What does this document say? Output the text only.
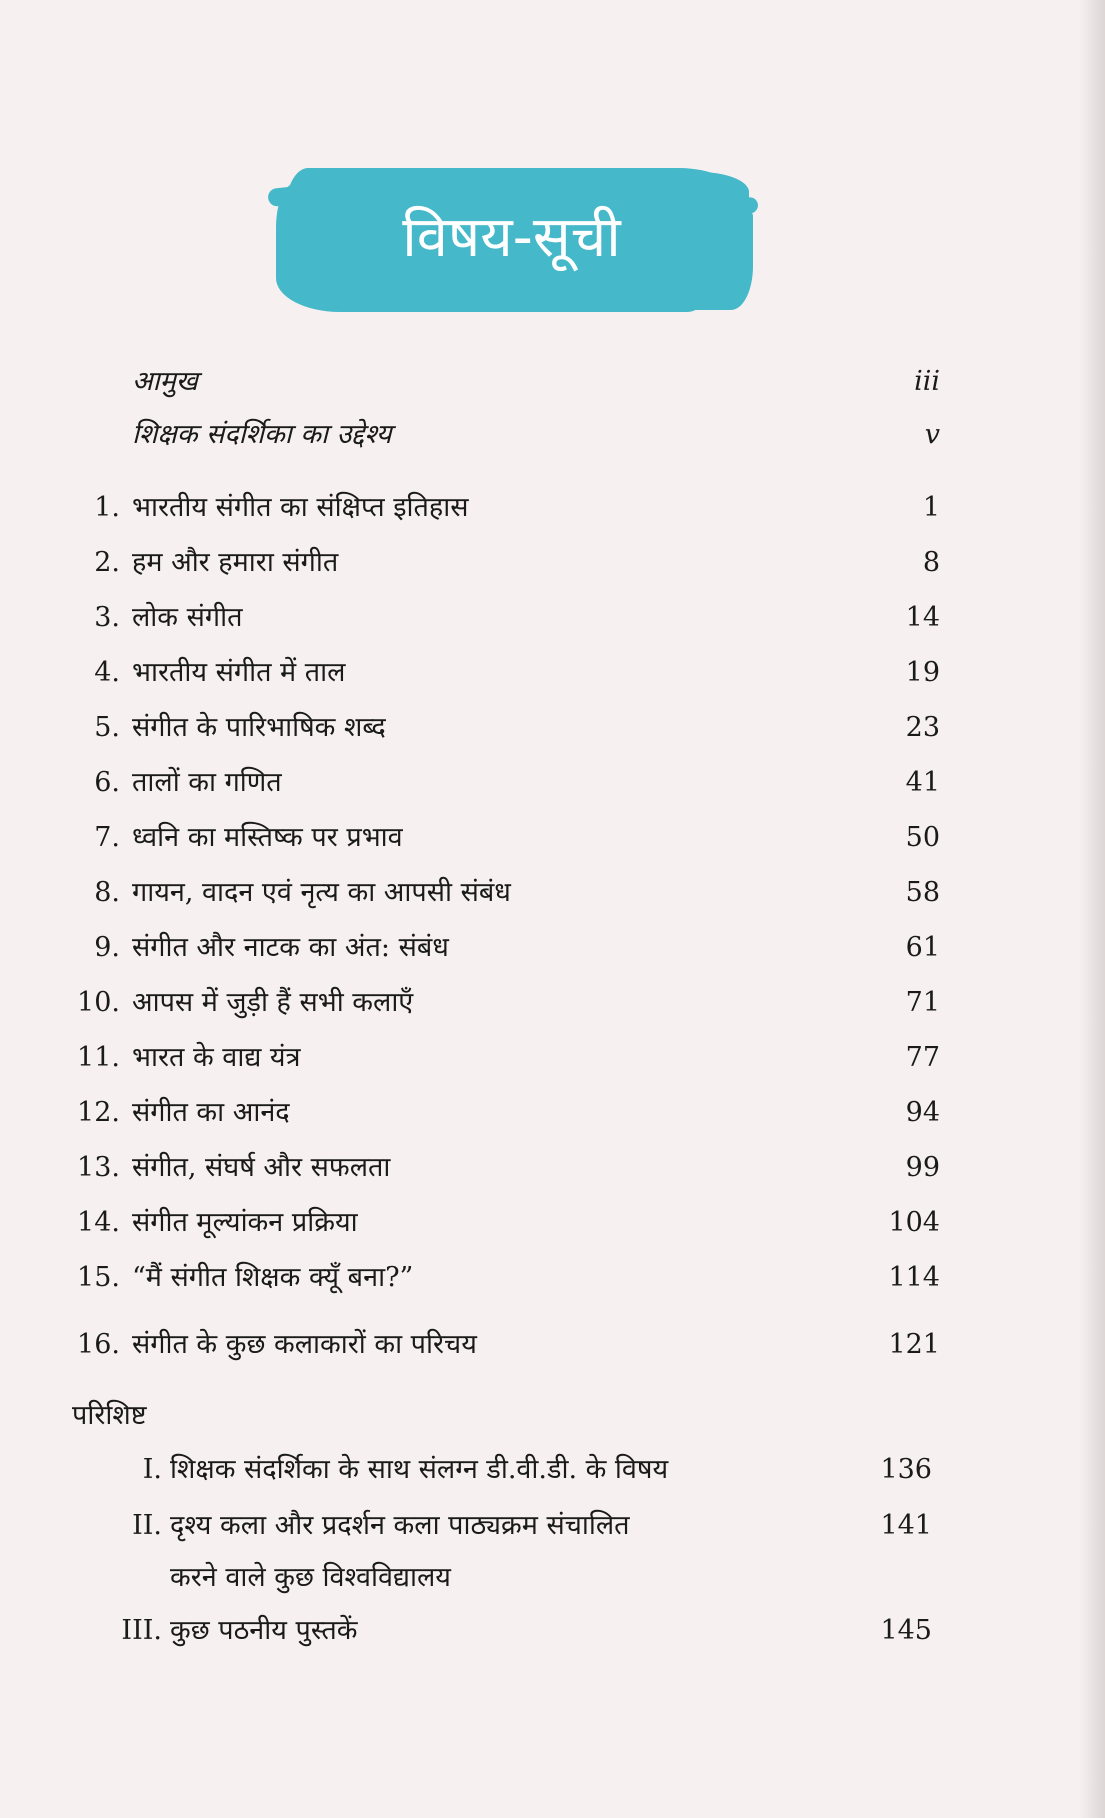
विषय-सूची
आमुख	iii
शिक्षक संदर्शिका का उद्देश्य	v
1. भारतीय संगीत का संक्षिप्त इतिहास	1
2. हम और हमारा संगीत	8
3. लोक संगीत	14
4. भारतीय संगीत में ताल	19
5. संगीत के पारिभाषिक शब्द	23
6. तालों का गणित	41
7. ध्वनि का मस्तिष्क पर प्रभाव	50
8. गायन, वादन एवं नृत्य का आपसी संबंध	58
9. संगीत और नाटक का अंत: संबंध	61
10. आपस में जुड़ी हैं सभी कलाएँ	71
11. भारत के वाद्य यंत्र	77
12. संगीत का आनंद	94
13. संगीत, संघर्ष और सफलता	99
14. संगीत मूल्यांकन प्रक्रिया	104
15. “मैं संगीत शिक्षक क्यूँ बना?”	114
16. संगीत के कुछ कलाकारों का परिचय	121
परिशिष्ट
I. शिक्षक संदर्शिका के साथ संलग्न डी.वी.डी. के विषय	136
II. दृश्य कला और प्रदर्शन कला पाठ्यक्रम संचालित	141
करने वाले कुछ विश्वविद्यालय
III. कुछ पठनीय पुस्तकें	145
